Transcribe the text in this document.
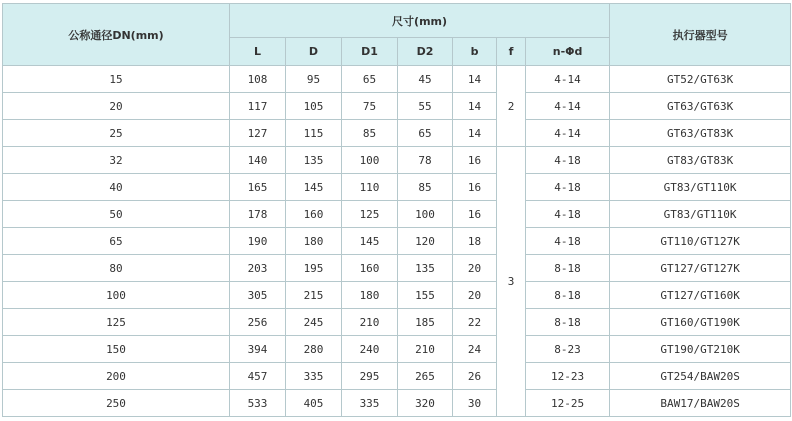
公称通径DN(mm)	尺寸(mm)							执行器型号
	L	D	D1	D2	b	f	n-Φd	
15	108	95	65	45	14	2	4-14	GT52/GT63K
20	117	105	75	55	14		4-14	GT63/GT63K
25	127	115	85	65	14		4-14	GT63/GT83K
32	140	135	100	78	16	3	4-18	GT83/GT83K
40	165	145	110	85	16		4-18	GT83/GT110K
50	178	160	125	100	16		4-18	GT83/GT110K
65	190	180	145	120	18		4-18	GT110/GT127K
80	203	195	160	135	20		8-18	GT127/GT127K
100	305	215	180	155	20		8-18	GT127/GT160K
125	256	245	210	185	22		8-18	GT160/GT190K
150	394	280	240	210	24		8-23	GT190/GT210K
200	457	335	295	265	26		12-23	GT254/BAW20S
250	533	405	335	320	30		12-25	BAW17/BAW20S
